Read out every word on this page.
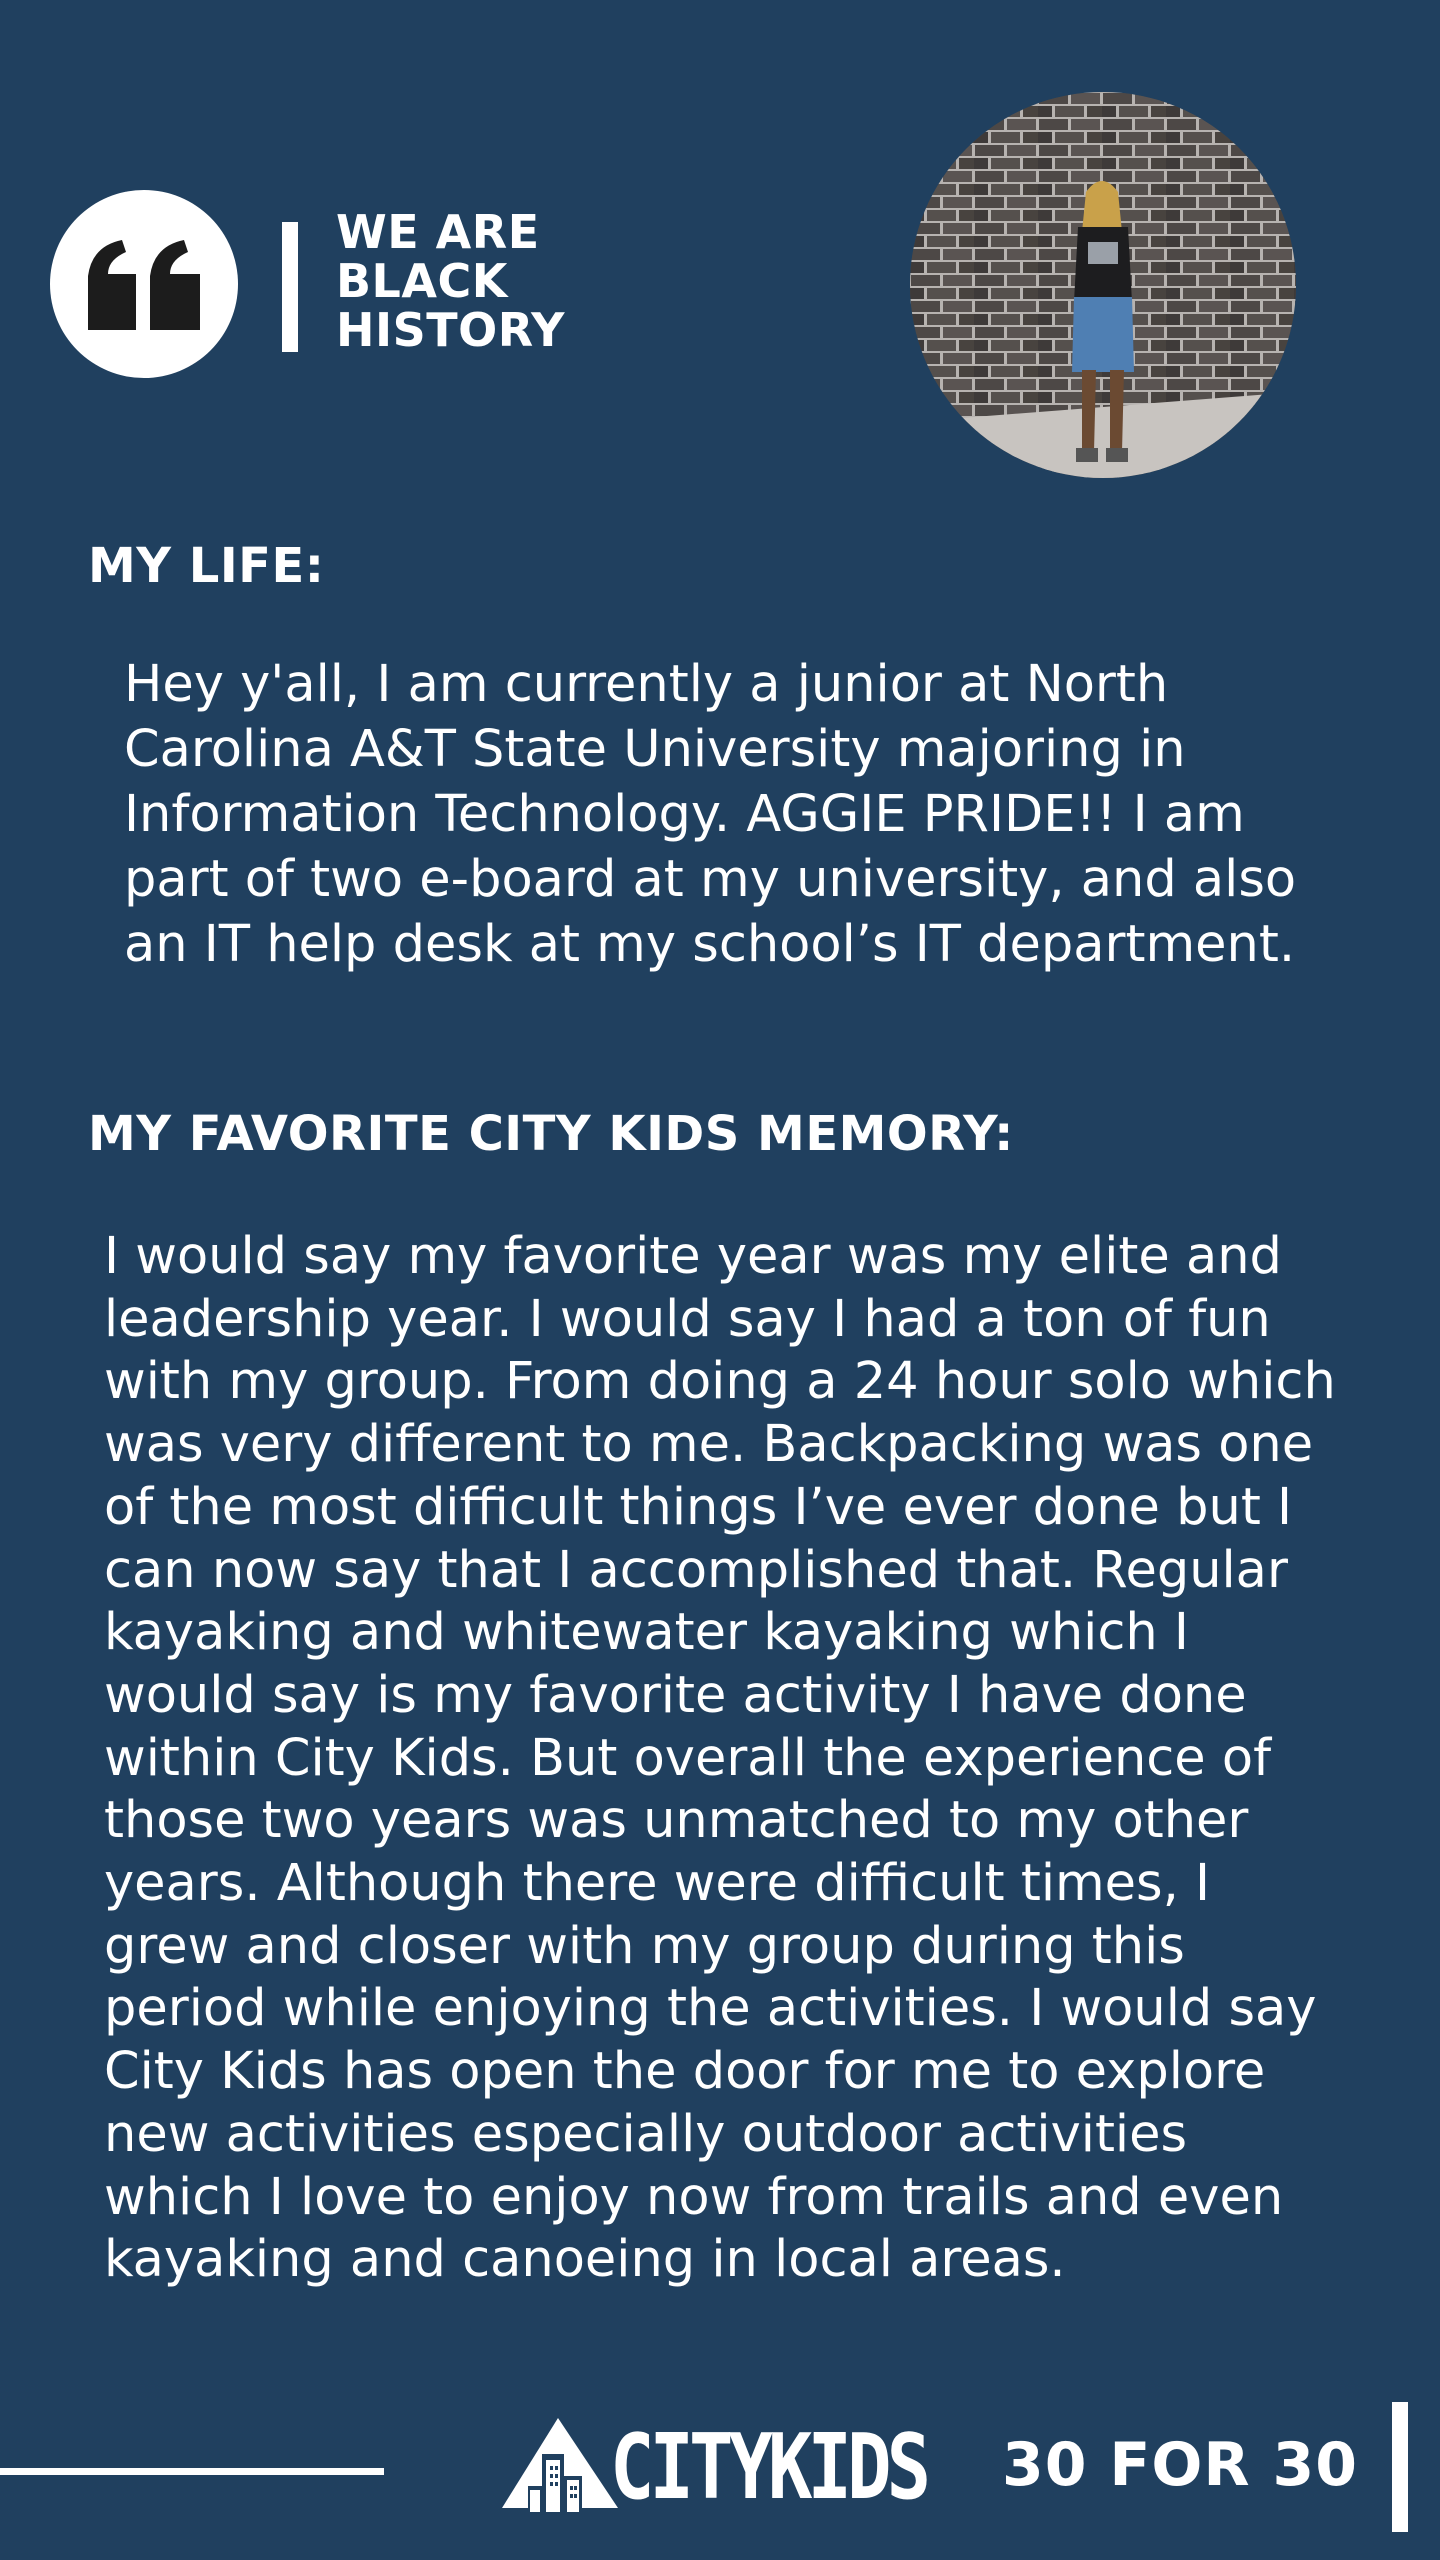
WE ARE
BLACK
HISTORY
MY LIFE:
Hey y'all, I am currently a junior at North Carolina A&T State University majoring in Information Technology. AGGIE PRIDE!! I am part of two e-board at my university, and also an IT help desk at my school’s IT department.
MY FAVORITE CITY KIDS MEMORY:
I would say my favorite year was my elite and leadership year. I would say I had a ton of fun with my group. From doing a 24 hour solo which was very different to me. Backpacking was one of the most difficult things I’ve ever done but I can now say that I accomplished that. Regular kayaking and whitewater kayaking which I would say is my favorite activity I have done within City Kids. But overall the experience of those two years was unmatched to my other years. Although there were difficult times, I grew and closer with my group during this period while enjoying the activities. I would say City Kids has open the door for me to explore new activities especially outdoor activities which I love to enjoy now from trails and even kayaking and canoeing in local areas.
CITYKIDS 30 FOR 30
